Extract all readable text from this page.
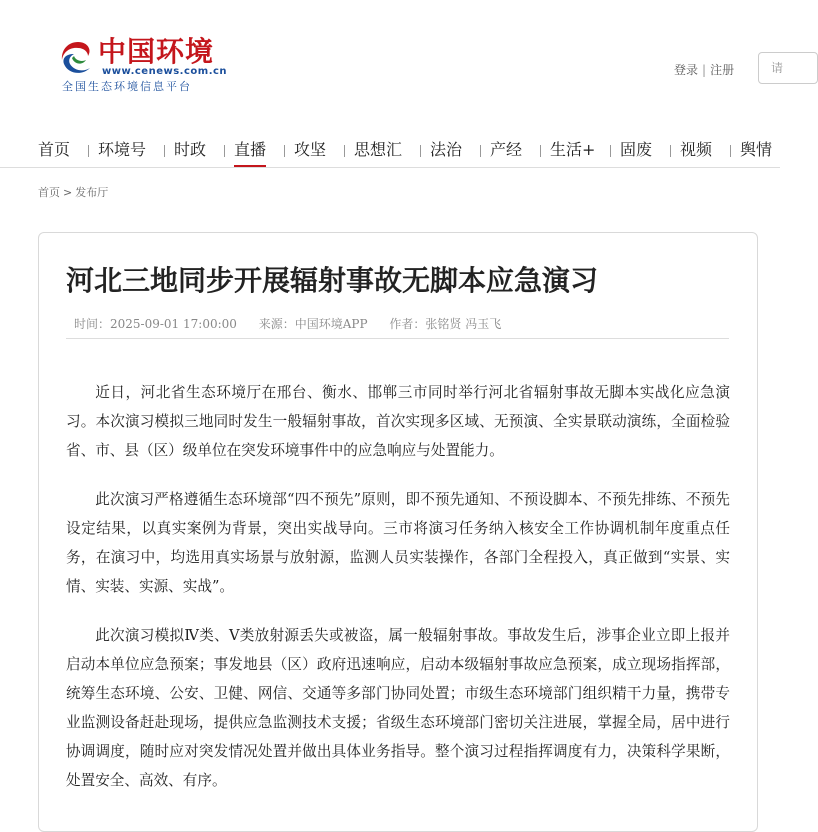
中国环境
www.cenews.com.cn
全国生态环境信息平台
登录 | 注册	请
首页 环境号 时政 直播 攻坚 思想汇 法治 产经 生活+ 固废 视频 舆情
首页 > 发布厅
河北三地同步开展辐射事故无脚本应急演习
时间：2025-09-01 17:00:00 来源：中国环境APP 作者：张铭贤 冯玉飞

近日，河北省生态环境厅在邢台、衡水、邯郸三市同时举行河北省辐射事故无脚本实战化应急演习。本次演习模拟三地同时发生一般辐射事故，首次实现多区域、无预演、全实景联动演练，全面检验省、市、县（区）级单位在突发环境事件中的应急响应与处置能力。

此次演习严格遵循生态环境部“四不预先”原则，即不预先通知、不预设脚本、不预先排练、不预先设定结果，以真实案例为背景，突出实战导向。三市将演习任务纳入核安全工作协调机制年度重点任务，在演习中，均选用真实场景与放射源，监测人员实装操作，各部门全程投入，真正做到“实景、实情、实装、实源、实战”。

此次演习模拟Ⅳ类、Ⅴ类放射源丢失或被盗，属一般辐射事故。事故发生后，涉事企业立即上报并启动本单位应急预案；事发地县（区）政府迅速响应，启动本级辐射事故应急预案，成立现场指挥部，统筹生态环境、公安、卫健、网信、交通等多部门协同处置；市级生态环境部门组织精干力量，携带专业监测设备赶赴现场，提供应急监测技术支援；省级生态环境部门密切关注进展，掌握全局，居中进行协调调度，随时应对突发情况处置并做出具体业务指导。整个演习过程指挥调度有力，决策科学果断，处置安全、高效、有序。
